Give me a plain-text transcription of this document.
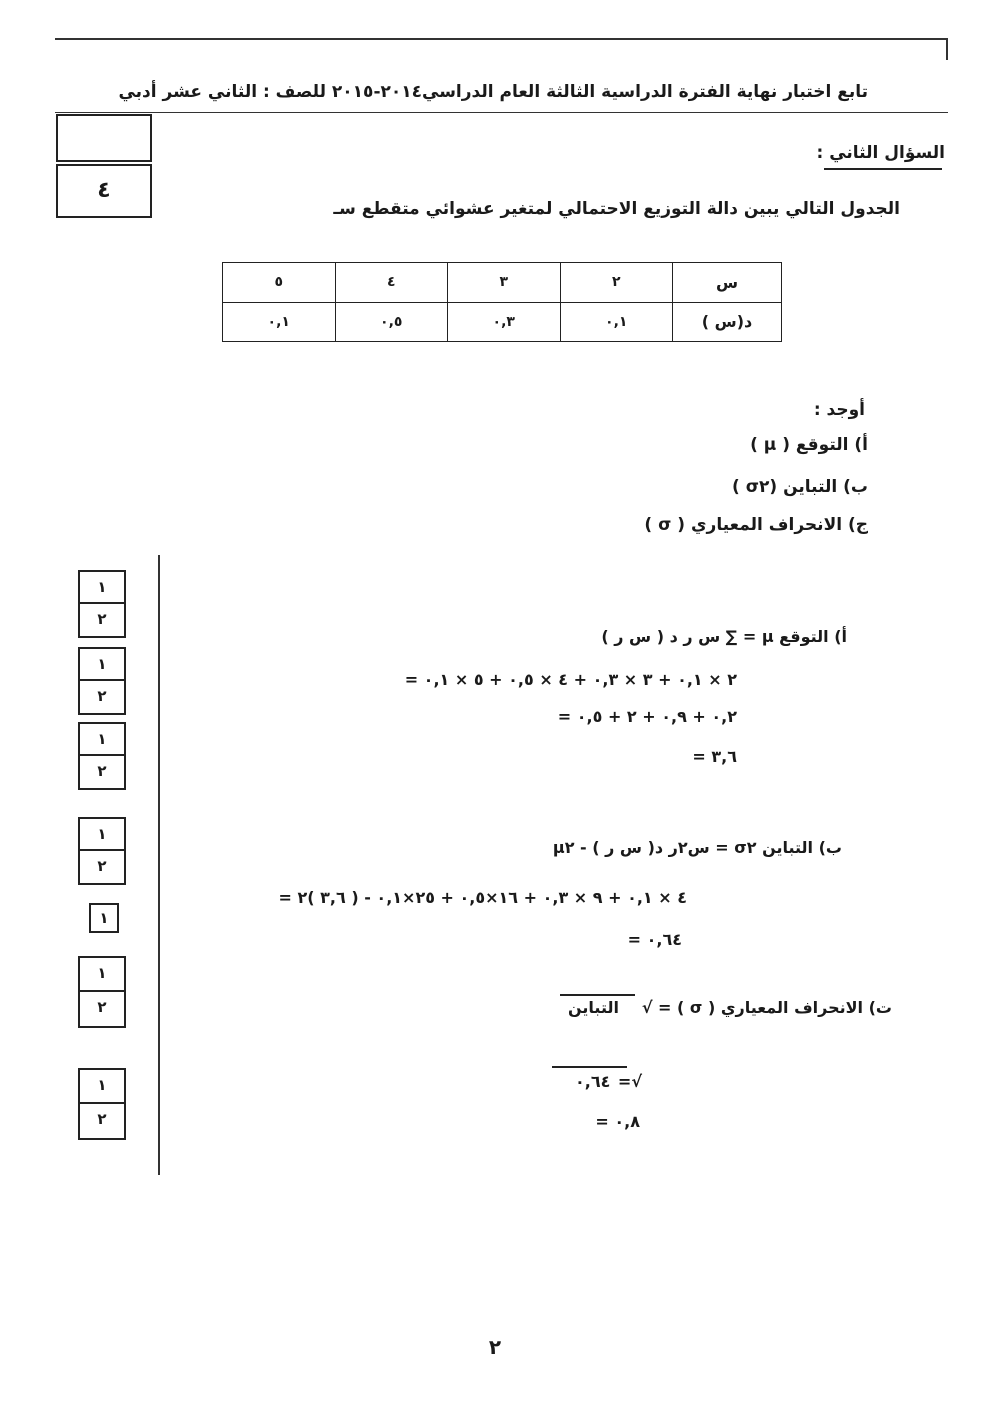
تابع اختبار نهاية الفترة الدراسية الثالثة العام الدراسي٢٠١٤-٢٠١٥ للصف : الثاني عشر أدبي
٤
السؤال الثاني :
الجدول التالي يبين دالة التوزيع الاحتمالي لمتغير عشوائي متقطع سـ
س	٢	٣	٤	٥
د(س )	٠,١	٠,٣	٠,٥	٠,١
أوجد :
أ) التوقع ( µ )
ب) التباين (σ٢ )
ج) الانحراف المعياري ( σ )
١
٢
١
٢
١
٢
١
٢
١
١
٢
١
٢
أ) التوقع µ = ∑ س ر د ( س ر )
= ٢ × ٠,١ + ٣ × ٠,٣ + ٤ × ٠,٥ + ٥ × ٠,١
= ٠,٢ + ٠,٩ + ٢ + ٠,٥
= ٣,٦
ب) التباين σ٢ = س٢ر د( س ر ) - µ٢
= ٤ × ٠,١ + ٩ × ٠,٣ + ١٦×٠,٥ + ٢٥×٠,١ - ( ٣,٦ )٢
= ٠,٦٤
ت) الانحراف المعياري ( σ ) = √
التباين
=√
٠,٦٤
= ٠,٨
٢
